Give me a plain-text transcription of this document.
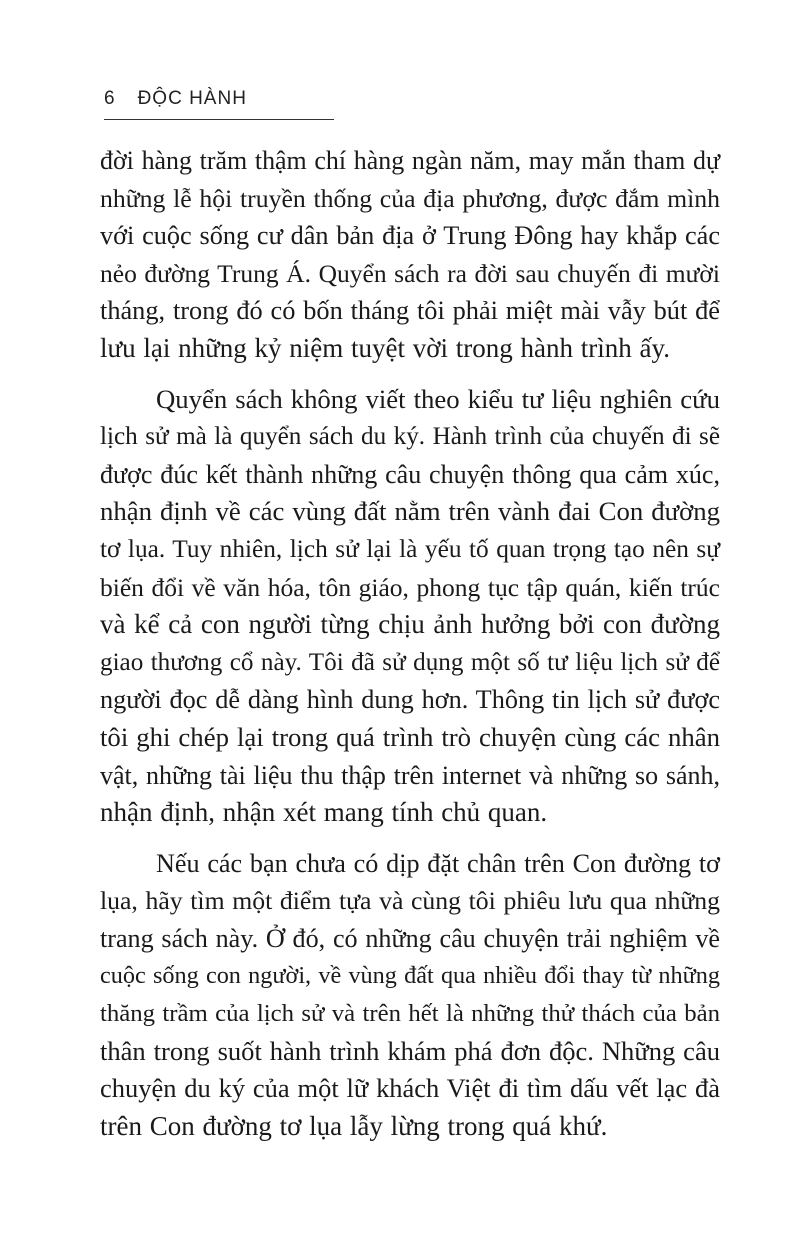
6 ĐỘC HÀNH
đời hàng trăm thậm chí hàng ngàn năm, may mắn tham dự
những lễ hội truyền thống của địa phương, được đắm mình
với cuộc sống cư dân bản địa ở Trung Đông hay khắp các
nẻo đường Trung Á. Quyển sách ra đời sau chuyến đi mười
tháng, trong đó có bốn tháng tôi phải miệt mài vẫy bút để
lưu lại những kỷ niệm tuyệt vời trong hành trình ấy.
Quyển sách không viết theo kiểu tư liệu nghiên cứu
lịch sử mà là quyển sách du ký. Hành trình của chuyến đi sẽ
được đúc kết thành những câu chuyện thông qua cảm xúc,
nhận định về các vùng đất nằm trên vành đai Con đường
tơ lụa. Tuy nhiên, lịch sử lại là yếu tố quan trọng tạo nên sự
biến đổi về văn hóa, tôn giáo, phong tục tập quán, kiến trúc
và kể cả con người từng chịu ảnh hưởng bởi con đường
giao thương cổ này. Tôi đã sử dụng một số tư liệu lịch sử để
người đọc dễ dàng hình dung hơn. Thông tin lịch sử được
tôi ghi chép lại trong quá trình trò chuyện cùng các nhân
vật, những tài liệu thu thập trên internet và những so sánh,
nhận định, nhận xét mang tính chủ quan.
Nếu các bạn chưa có dịp đặt chân trên Con đường tơ
lụa, hãy tìm một điểm tựa và cùng tôi phiêu lưu qua những
trang sách này. Ở đó, có những câu chuyện trải nghiệm về
cuộc sống con người, về vùng đất qua nhiều đổi thay từ những
thăng trầm của lịch sử và trên hết là những thử thách của bản
thân trong suốt hành trình khám phá đơn độc. Những câu
chuyện du ký của một lữ khách Việt đi tìm dấu vết lạc đà
trên Con đường tơ lụa lẫy lừng trong quá khứ.
